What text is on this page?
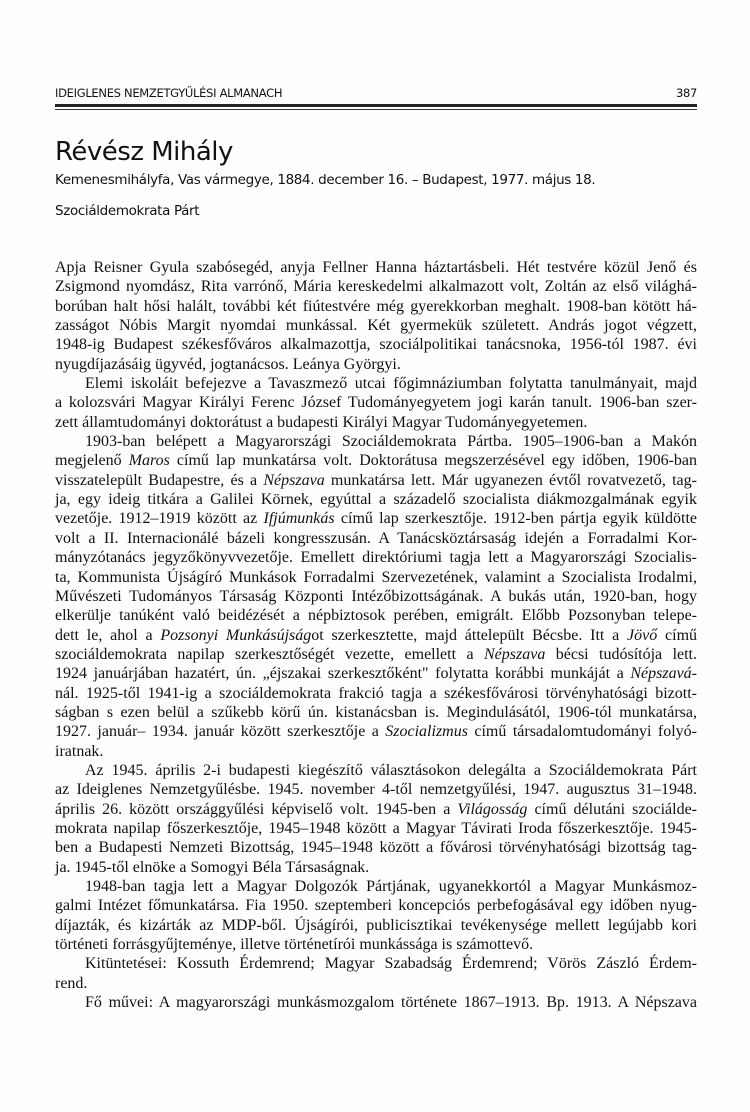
IDEIGLENES NEMZETGYŰLÉSI ALMANACH	387
Révész Mihály
Kemenesmihályfa, Vas vármegye, 1884. december 16. – Budapest, 1977. május 18.
Szociáldemokrata Párt
Apja Reisner Gyula szabósegéd, anyja Fellner Hanna háztartásbeli. Hét testvére közül Jenő és
Zsigmond nyomdász, Rita varrónő, Mária kereskedelmi alkalmazott volt, Zoltán az első világhá-
borúban halt hősi halált, további két fiútestvére még gyerekkorban meghalt. 1908-ban kötött há-
zasságot Nóbis Margit nyomdai munkással. Két gyermekük született. András jogot végzett,
1948-ig Budapest székesfőváros alkalmazottja, szociálpolitikai tanácsnoka, 1956-tól 1987. évi
nyugdíjazásáig ügyvéd, jogtanácsos. Leánya Györgyi.
Elemi iskoláit befejezve a Tavaszmező utcai főgimnáziumban folytatta tanulmányait, majd
a kolozsvári Magyar Királyi Ferenc József Tudományegyetem jogi karán tanult. 1906-ban szer-
zett államtudományi doktorátust a budapesti Királyi Magyar Tudományegyetemen.
1903-ban belépett a Magyarországi Szociáldemokrata Pártba. 1905–1906-ban a Makón
megjelenő Maros című lap munkatársa volt. Doktorátusa megszerzésével egy időben, 1906-ban
visszatelepült Budapestre, és a Népszava munkatársa lett. Már ugyanezen évtől rovatvezető, tag-
ja, egy ideig titkára a Galilei Körnek, egyúttal a századelő szocialista diákmozgalmának egyik
vezetője. 1912–1919 között az Ifjúmunkás című lap szerkesztője. 1912-ben pártja egyik küldötte
volt a II. Internacionálé bázeli kongresszusán. A Tanácsköztársaság idején a Forradalmi Kor-
mányzótanács jegyzőkönyvvezetője. Emellett direktóriumi tagja lett a Magyarországi Szocialis-
ta, Kommunista Újságíró Munkások Forradalmi Szervezetének, valamint a Szocialista Irodalmi,
Művészeti Tudományos Társaság Központi Intézőbizottságának. A bukás után, 1920-ban, hogy
elkerülje tanúként való beidézését a népbiztosok perében, emigrált. Előbb Pozsonyban telepe-
dett le, ahol a Pozsonyi Munkásújságot szerkesztette, majd áttelepült Bécsbe. Itt a Jövő című
szociáldemokrata napilap szerkesztőségét vezette, emellett a Népszava bécsi tudósítója lett.
1924 januárjában hazatért, ún. „éjszakai szerkesztőként" folytatta korábbi munkáját a Népszavá-
nál. 1925-től 1941-ig a szociáldemokrata frakció tagja a székesfővárosi törvényhatósági bizott-
ságban s ezen belül a szűkebb körű ún. kistanácsban is. Megindulásától, 1906-tól munkatársa,
1927. január– 1934. január között szerkesztője a Szocializmus című társadalomtudományi folyó-
iratnak.
Az 1945. április 2-i budapesti kiegészítő választásokon delegálta a Szociáldemokrata Párt
az Ideiglenes Nemzetgyűlésbe. 1945. november 4-től nemzetgyűlési, 1947. augusztus 31–1948.
április 26. között országgyűlési képviselő volt. 1945-ben a Világosság című délutáni szociálde-
mokrata napilap főszerkesztője, 1945–1948 között a Magyar Távirati Iroda főszerkesztője. 1945-
ben a Budapesti Nemzeti Bizottság, 1945–1948 között a fővárosi törvényhatósági bizottság tag-
ja. 1945-től elnöke a Somogyi Béla Társaságnak.
1948-ban tagja lett a Magyar Dolgozók Pártjának, ugyanekkortól a Magyar Munkásmoz-
galmi Intézet főmunkatársa. Fia 1950. szeptemberi koncepciós perbefogásával egy időben nyug-
díjazták, és kizárták az MDP-ből. Újságírói, publicisztikai tevékenysége mellett legújabb kori
történeti forrásgyűjteménye, illetve történetírói munkássága is számottevő.
Kitüntetései: Kossuth Érdemrend; Magyar Szabadság Érdemrend; Vörös Zászló Érdem-
rend.
Fő művei: A magyarországi munkásmozgalom története 1867–1913. Bp. 1913. A Népszava
